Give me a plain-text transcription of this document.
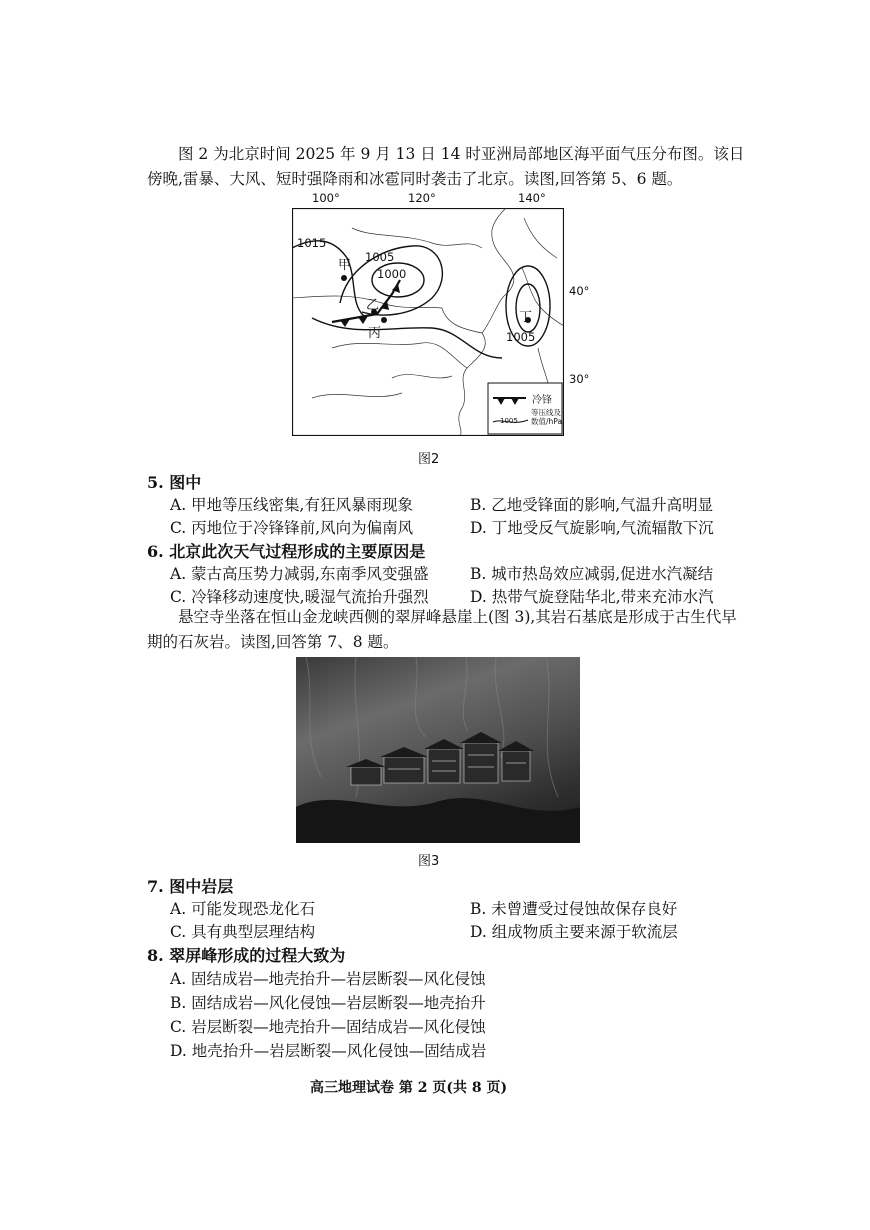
图 2 为北京时间 2025 年 9 月 13 日 14 时亚洲局部地区海平面气压分布图。该日傍晚,雷暴、大风、短时强降雨和冰雹同时袭击了北京。读图,回答第 5、6 题。

100°	120°	140°
1015
1005
1000
1005
甲
乙
丙
丁
40°
30°
冷锋
1005
等压线及数值/hPa
图2
5. 图中
A. 甲地等压线密集,有狂风暴雨现象	B. 乙地受锋面的影响,气温升高明显
C. 丙地位于冷锋锋前,风向为偏南风	D. 丁地受反气旋影响,气流辐散下沉
6. 北京此次天气过程形成的主要原因是
A. 蒙古高压势力减弱,东南季风变强盛	B. 城市热岛效应减弱,促进水汽凝结
C. 冷锋移动速度快,暖湿气流抬升强烈	D. 热带气旋登陆华北,带来充沛水汽

悬空寺坐落在恒山金龙峡西侧的翠屏峰悬崖上(图 3),其岩石基底是形成于古生代早期的石灰岩。读图,回答第 7、8 题。

图3
7. 图中岩层
A. 可能发现恐龙化石	B. 未曾遭受过侵蚀故保存良好
C. 具有典型层理结构	D. 组成物质主要来源于软流层
8. 翠屏峰形成的过程大致为
A. 固结成岩—地壳抬升—岩层断裂—风化侵蚀
B. 固结成岩—风化侵蚀—岩层断裂—地壳抬升
C. 岩层断裂—地壳抬升—固结成岩—风化侵蚀
D. 地壳抬升—岩层断裂—风化侵蚀—固结成岩
高三地理试卷 第 2 页(共 8 页)
